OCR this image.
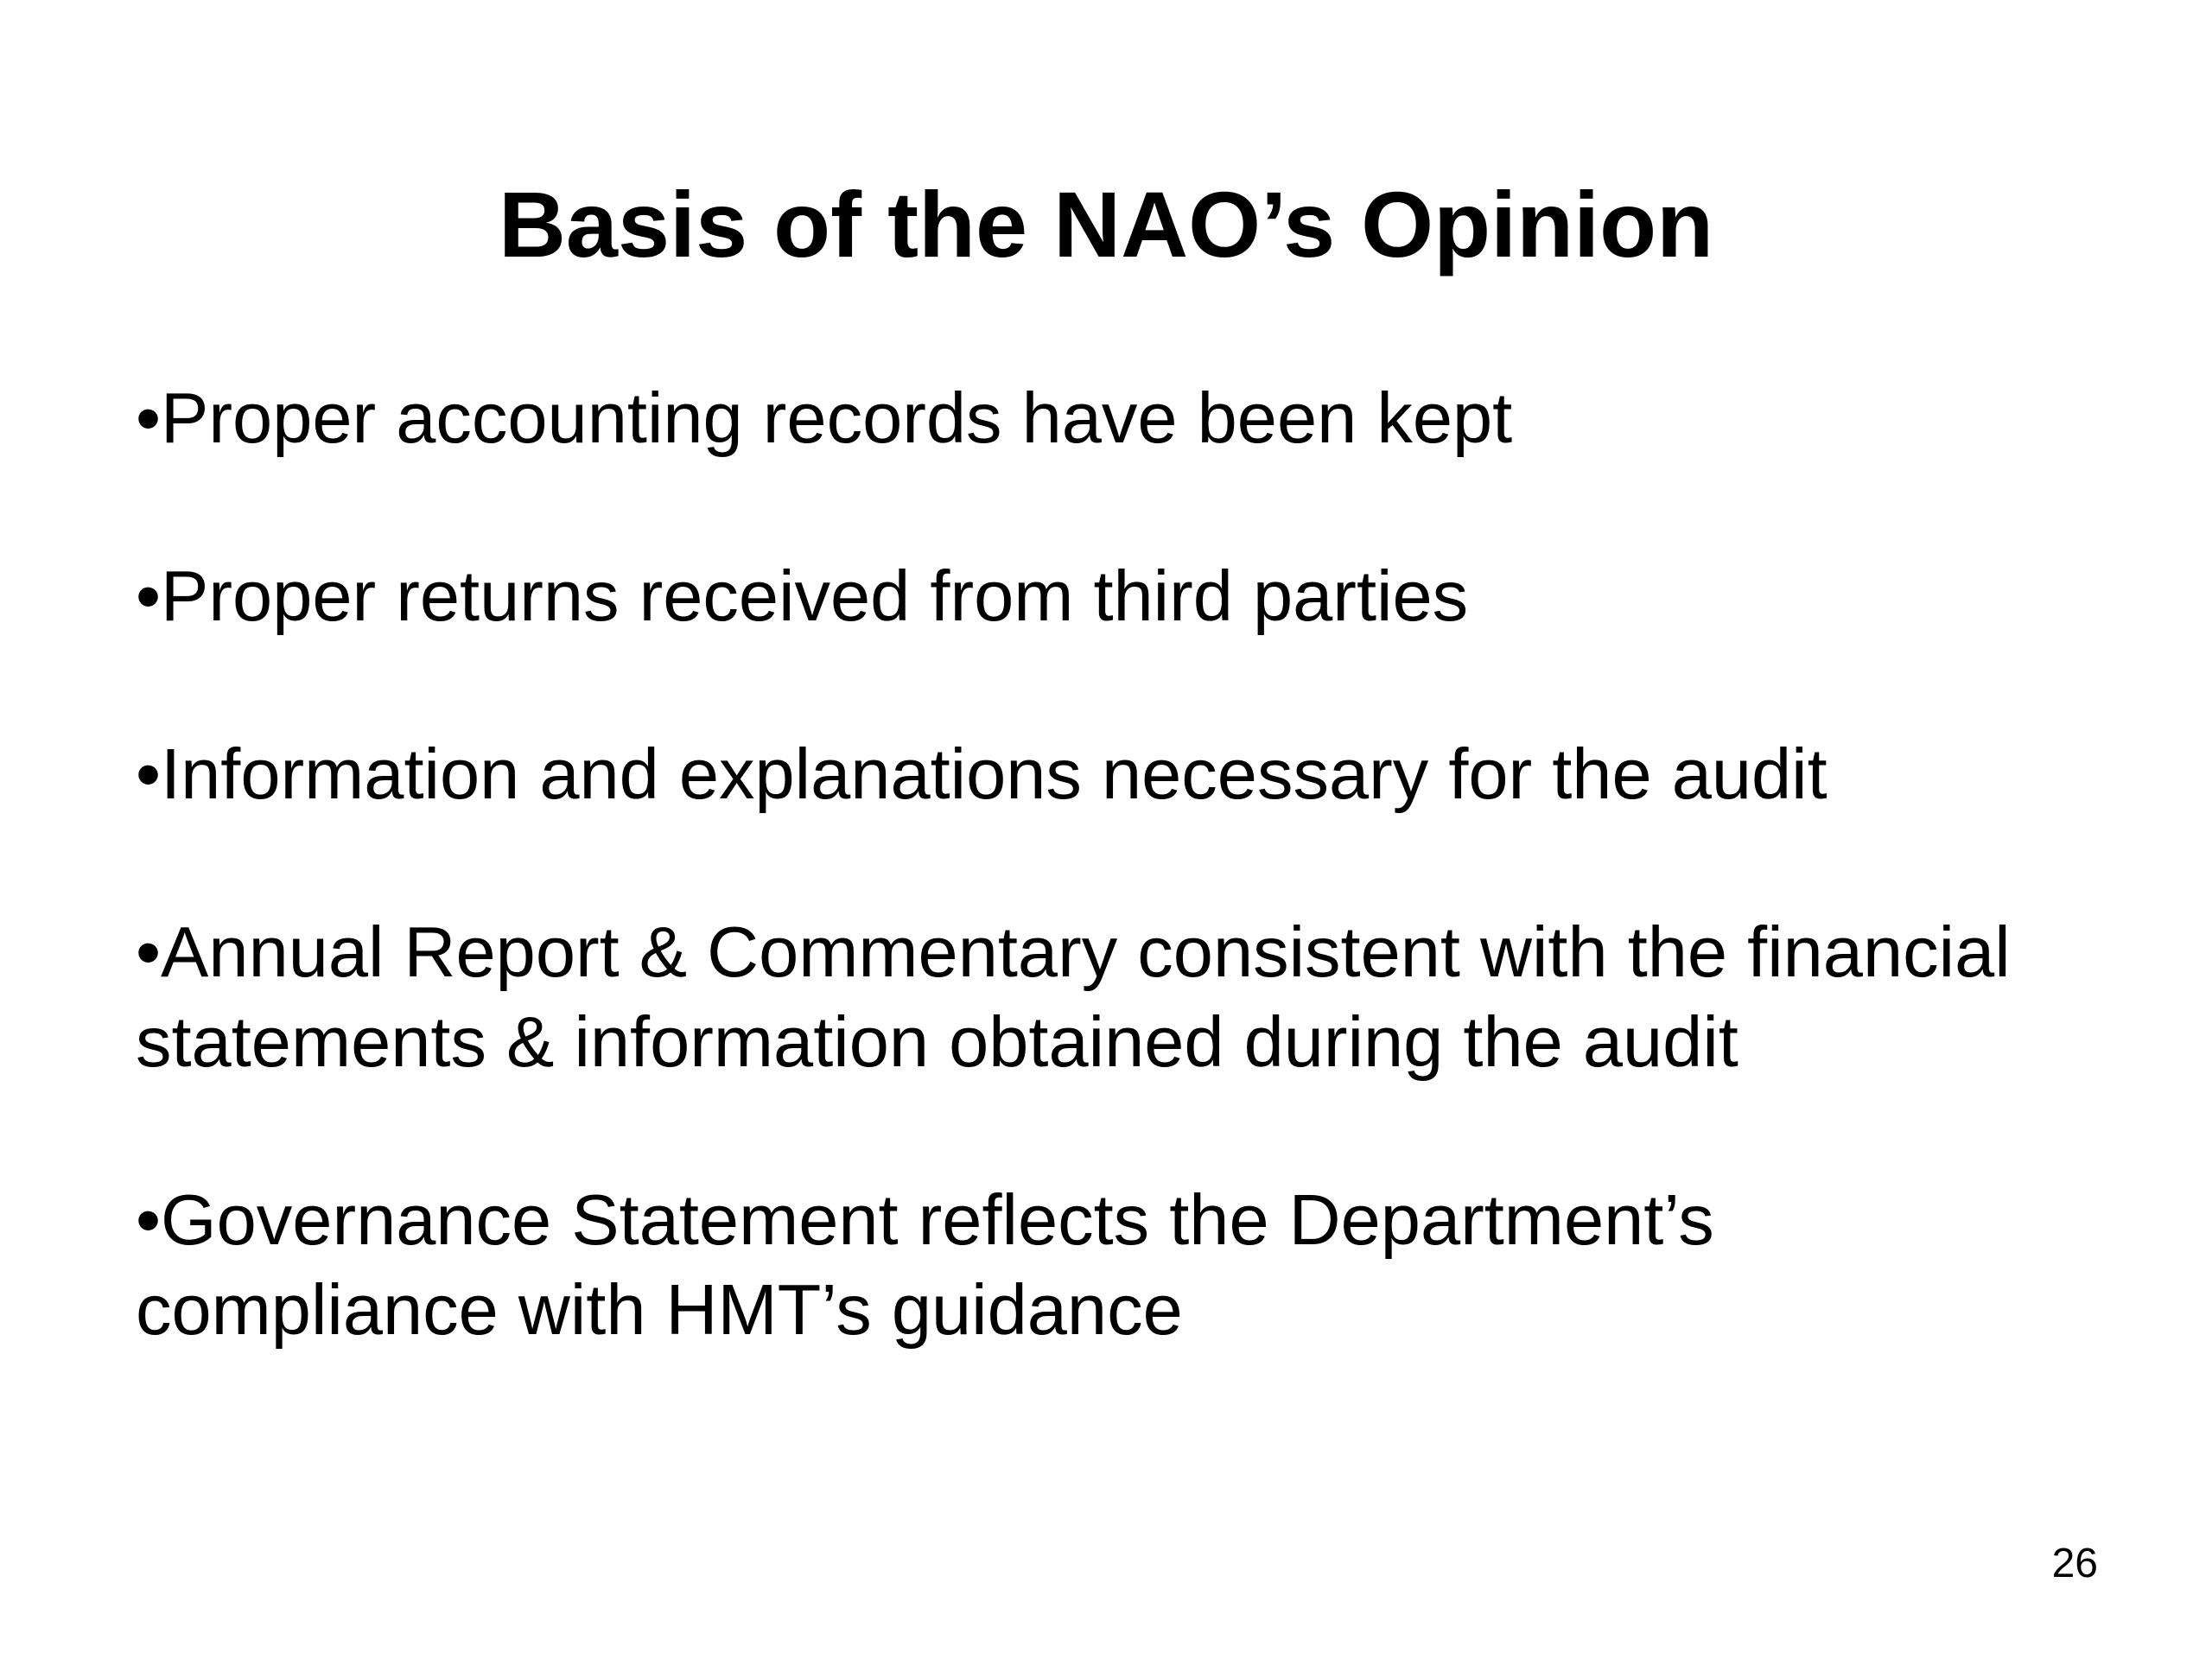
Basis of the NAO’s Opinion
•Proper accounting records have been kept
•Proper returns received from third parties
•Information and explanations necessary for the audit
•Annual Report & Commentary consistent with the financial
statements & information obtained during the audit
•Governance Statement reflects the Department’s
compliance with HMT’s guidance
26
